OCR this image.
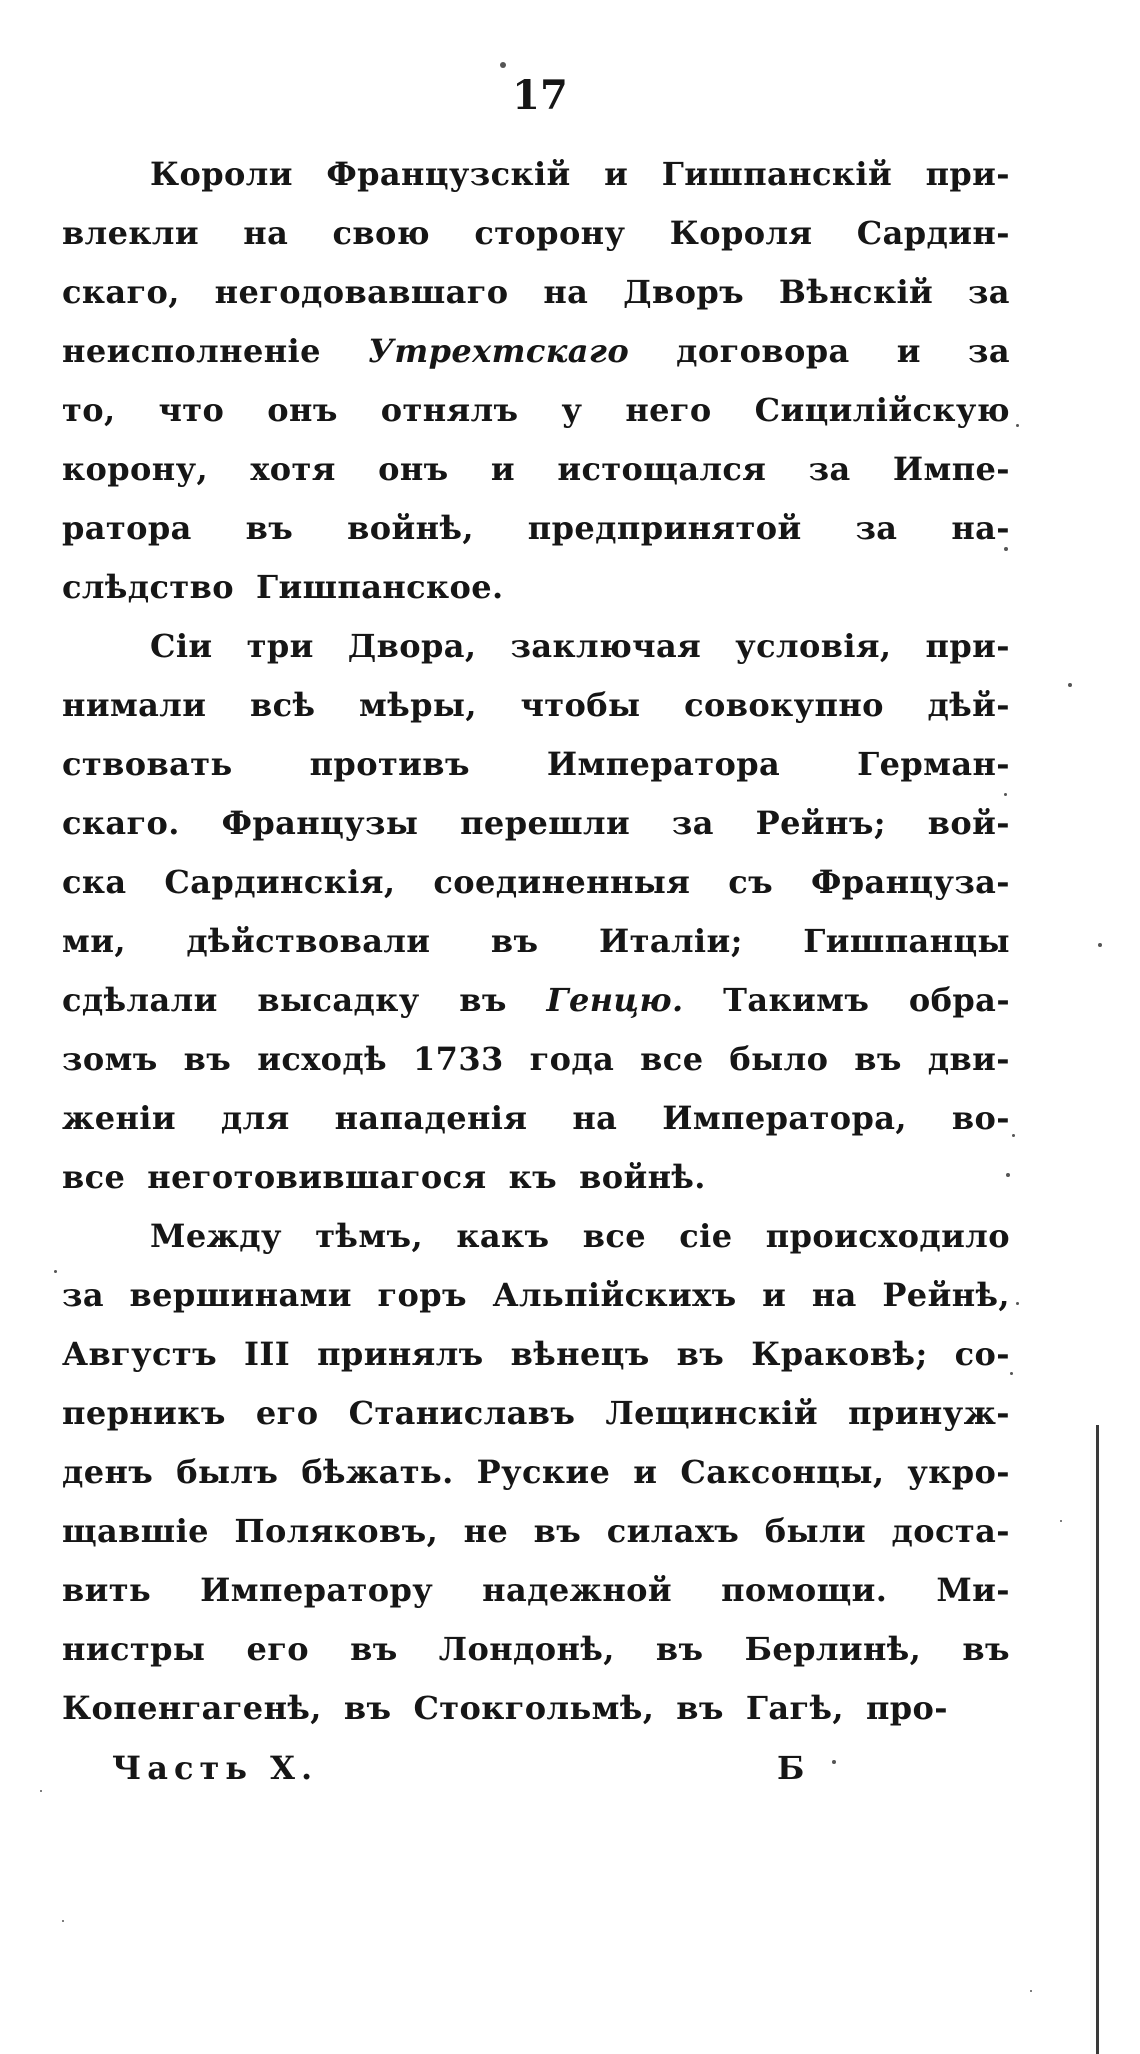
17
Короли Французскій и Гишпанскій при-
влекли на свою сторону Короля Сардин-
скаго, негодовавшаго на Дворъ Вѣнскій за
неисполненіе Утрехтскаго договора и за
то, что онъ отнялъ у него Сицилійскую
корону, хотя онъ и истощался за Импе-
ратора въ войнѣ, предпринятой за на-
слѣдство Гишпанское.
Сіи три Двора, заключая условія, при-
нимали всѣ мѣры, чтобы совокупно дѣй-
ствовать противъ Императора Герман-
скаго. Французы перешли за Рейнъ; вой-
ска Сардинскія, соединенныя съ Француза-
ми, дѣйствовали въ Италіи; Гишпанцы
сдѣлали высадку въ Генцю. Такимъ обра-
зомъ въ исходѣ 1733 года все было въ дви-
женіи для нападенія на Императора, во-
все неготовившагося къ войнѣ.
Между тѣмъ, какъ все сіе происходило
за вершинами горъ Альпійскихъ и на Рейнѣ,
Августъ III принялъ вѣнецъ въ Краковѣ; со-
перникъ его Станиславъ Лещинскій принуж-
денъ былъ бѣжать. Руские и Саксонцы, укро-
щавшіе Поляковъ, не въ силахъ были доста-
вить Императору надежной помощи. Ми-
нистры его въ Лондонѣ, въ Берлинѣ, въ
Копенгагенѣ, въ Стокгольмѣ, въ Гагѣ, про-
Часть X.	Б
